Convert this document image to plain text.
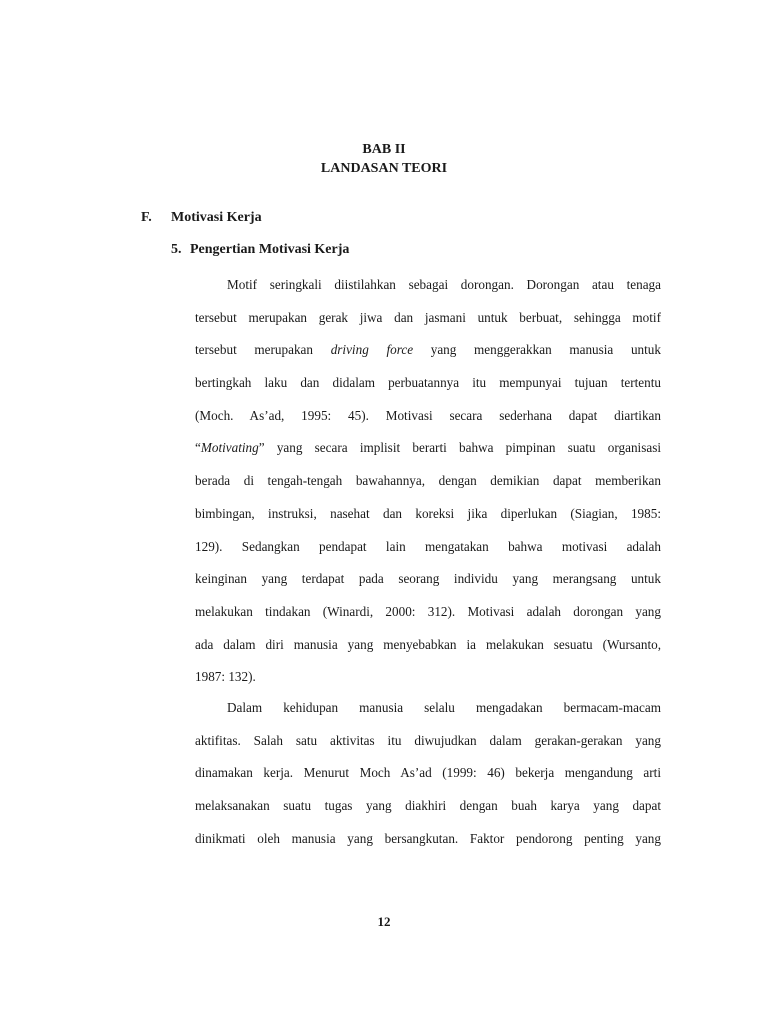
BAB II
LANDASAN TEORI
F. Motivasi Kerja
5. Pengertian Motivasi Kerja
Motif seringkali diistilahkan sebagai dorongan. Dorongan atau tenaga
tersebut merupakan gerak jiwa dan jasmani untuk berbuat, sehingga motif
tersebut merupakan driving force yang menggerakkan manusia untuk
bertingkah laku dan didalam perbuatannya itu mempunyai tujuan tertentu
(Moch. As’ad, 1995: 45). Motivasi secara sederhana dapat diartikan
“Motivating” yang secara implisit berarti bahwa pimpinan suatu organisasi
berada di tengah-tengah bawahannya, dengan demikian dapat memberikan
bimbingan, instruksi, nasehat dan koreksi jika diperlukan (Siagian, 1985:
129). Sedangkan pendapat lain mengatakan bahwa motivasi adalah
keinginan yang terdapat pada seorang individu yang merangsang untuk
melakukan tindakan (Winardi, 2000: 312). Motivasi adalah dorongan yang
ada dalam diri manusia yang menyebabkan ia melakukan sesuatu (Wursanto,
1987: 132).
Dalam kehidupan manusia selalu mengadakan bermacam-macam
aktifitas. Salah satu aktivitas itu diwujudkan dalam gerakan-gerakan yang
dinamakan kerja. Menurut Moch As’ad (1999: 46) bekerja mengandung arti
melaksanakan suatu tugas yang diakhiri dengan buah karya yang dapat
dinikmati oleh manusia yang bersangkutan. Faktor pendorong penting yang
12
